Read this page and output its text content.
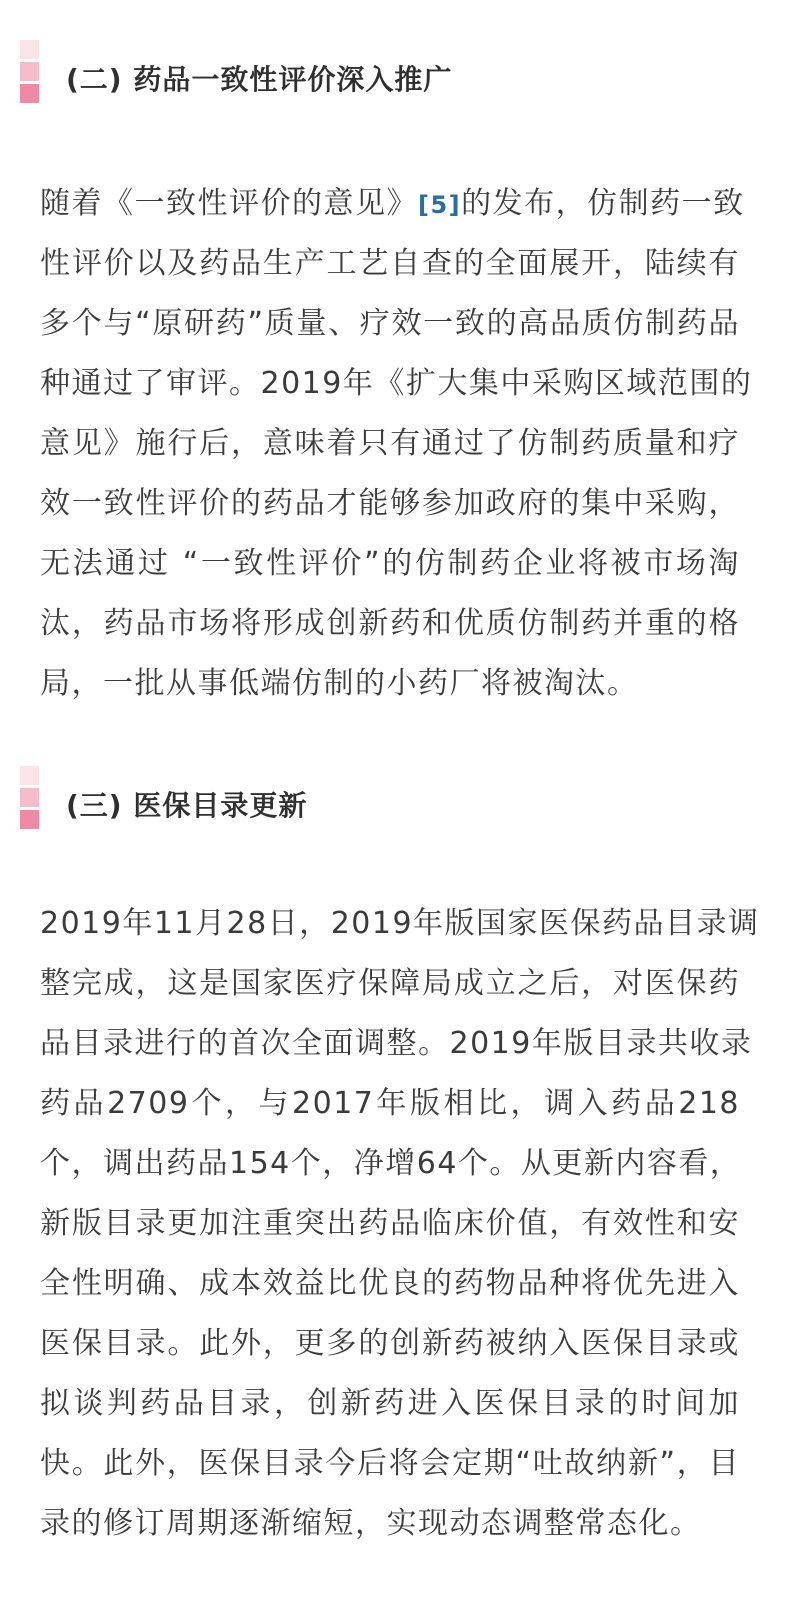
(二) 药品一致性评价深入推广
随着《一致性评价的意见》[5]的发布，仿制药一致
性评价以及药品生产工艺自查的全面展开，陆续有
多个与“原研药”质量、疗效一致的高品质仿制药品
种通过了审评。2019年《扩大集中采购区域范围的
意见》施行后，意味着只有通过了仿制药质量和疗
效一致性评价的药品才能够参加政府的集中采购，
无法通过 “一致性评价”的仿制药企业将被市场淘
汰，药品市场将形成创新药和优质仿制药并重的格
局，一批从事低端仿制的小药厂将被淘汰。
(三) 医保目录更新
2019年11月28日，2019年版国家医保药品目录调
整完成，这是国家医疗保障局成立之后，对医保药
品目录进行的首次全面调整。2019年版目录共收录
药品2709个，与2017年版相比，调入药品218
个，调出药品154个，净增64个。从更新内容看，
新版目录更加注重突出药品临床价值，有效性和安
全性明确、成本效益比优良的药物品种将优先进入
医保目录。此外，更多的创新药被纳入医保目录或
拟谈判药品目录，创新药进入医保目录的时间加
快。此外，医保目录今后将会定期“吐故纳新”，目
录的修订周期逐渐缩短，实现动态调整常态化。
